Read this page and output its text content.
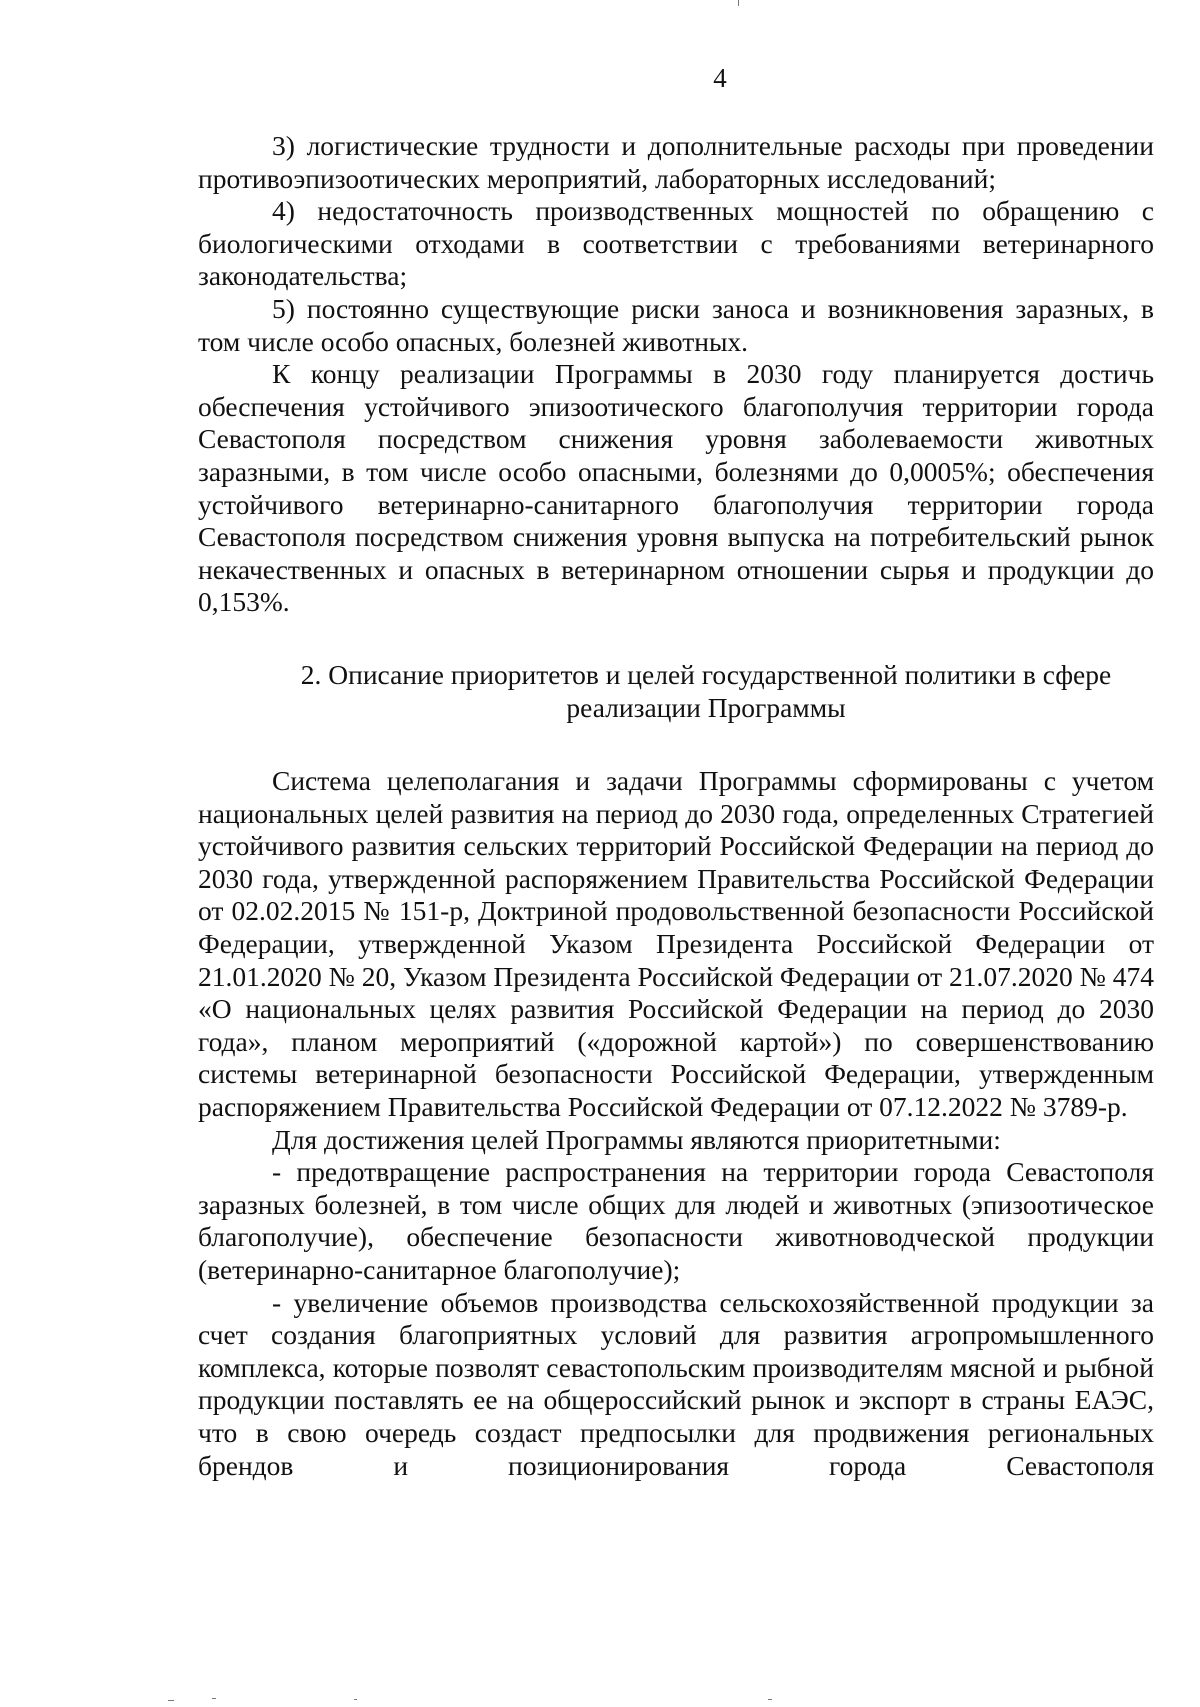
4

3) логистические трудности и дополнительные расходы при проведении противоэпизоотических мероприятий, лабораторных исследований;

4) недостаточность производственных мощностей по обращению с биологическими отходами в соответствии с требованиями ветеринарного законодательства;

5) постоянно существующие риски заноса и возникновения заразных, в том числе особо опасных, болезней животных.

К концу реализации Программы в 2030 году планируется достичь обеспечения устойчивого эпизоотического благополучия территории города Севастополя посредством снижения уровня заболеваемости животных заразными, в том числе особо опасными, болезнями до 0,0005%; обеспечения устойчивого ветеринарно-санитарного благополучия территории города Севастополя посредством снижения уровня выпуска на потребительский рынок некачественных и опасных в ветеринарном отношении сырья и продукции до 0,153%.

2. Описание приоритетов и целей государственной политики в сфере
реализации Программы

Система целеполагания и задачи Программы сформированы с учетом национальных целей развития на период до 2030 года, определенных Стратегией устойчивого развития сельских территорий Российской Федерации на период до 2030 года, утвержденной распоряжением Правительства Российской Федерации от 02.02.2015 № 151-р, Доктриной продовольственной безопасности Российской Федерации, утвержденной Указом Президента Российской Федерации от 21.01.2020 № 20, Указом Президента Российской Федерации от 21.07.2020 № 474 «О национальных целях развития Российской Федерации на период до 2030 года», планом мероприятий («дорожной картой») по совершенствованию системы ветеринарной безопасности Российской Федерации, утвержденным распоряжением Правительства Российской Федерации от 07.12.2022 № 3789-р.

Для достижения целей Программы являются приоритетными:

- предотвращение распространения на территории города Севастополя заразных болезней, в том числе общих для людей и животных (эпизоотическое благополучие), обеспечение безопасности животноводческой продукции (ветеринарно-санитарное благополучие);

- увеличение объемов производства сельскохозяйственной продукции за счет создания благоприятных условий для развития агропромышленного комплекса, которые позволят севастопольским производителям мясной и рыбной продукции поставлять ее на общероссийский рынок и экспорт в страны ЕАЭС, что в свою очередь создаст предпосылки для продвижения региональных брендов и позиционирования города Севастополя
